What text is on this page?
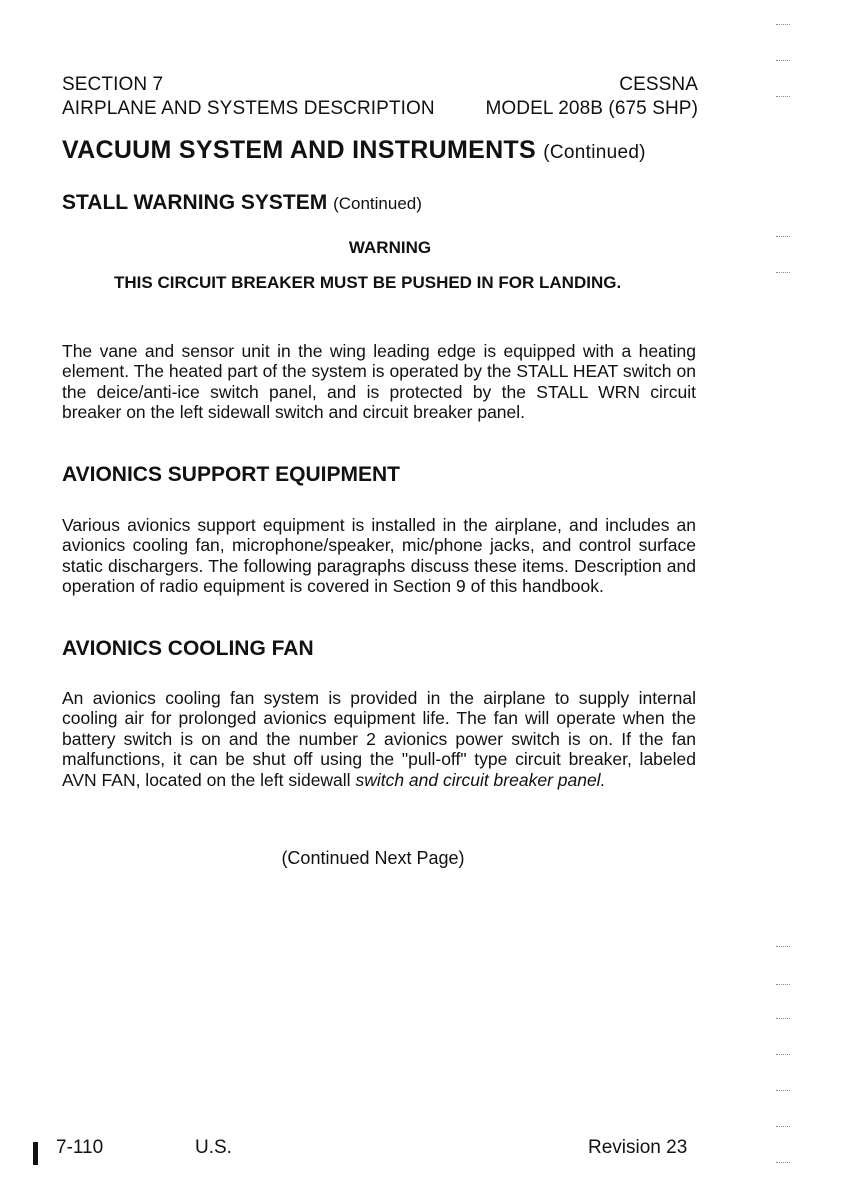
SECTION 7	CESSNA
AIRPLANE AND SYSTEMS DESCRIPTION	MODEL 208B (675 SHP)
VACUUM SYSTEM AND INSTRUMENTS (Continued)
STALL WARNING SYSTEM (Continued)
WARNING
THIS CIRCUIT BREAKER MUST BE PUSHED IN FOR LANDING.
The vane and sensor unit in the wing leading edge is equipped with a heating element. The heated part of the system is operated by the STALL HEAT switch on the deice/anti-ice switch panel, and is protected by the STALL WRN circuit breaker on the left sidewall switch and circuit breaker panel.
AVIONICS SUPPORT EQUIPMENT
Various avionics support equipment is installed in the airplane, and includes an avionics cooling fan, microphone/speaker, mic/phone jacks, and control surface static dischargers. The following paragraphs discuss these items. Description and operation of radio equipment is covered in Section 9 of this handbook.
AVIONICS COOLING FAN
An avionics cooling fan system is provided in the airplane to supply internal cooling air for prolonged avionics equipment life. The fan will operate when the battery switch is on and the number 2 avionics power switch is on. If the fan malfunctions, it can be shut off using the "pull-off" type circuit breaker, labeled AVN FAN, located on the left sidewall switch and circuit breaker panel.
(Continued Next Page)
7-110	U.S.	Revision 23
